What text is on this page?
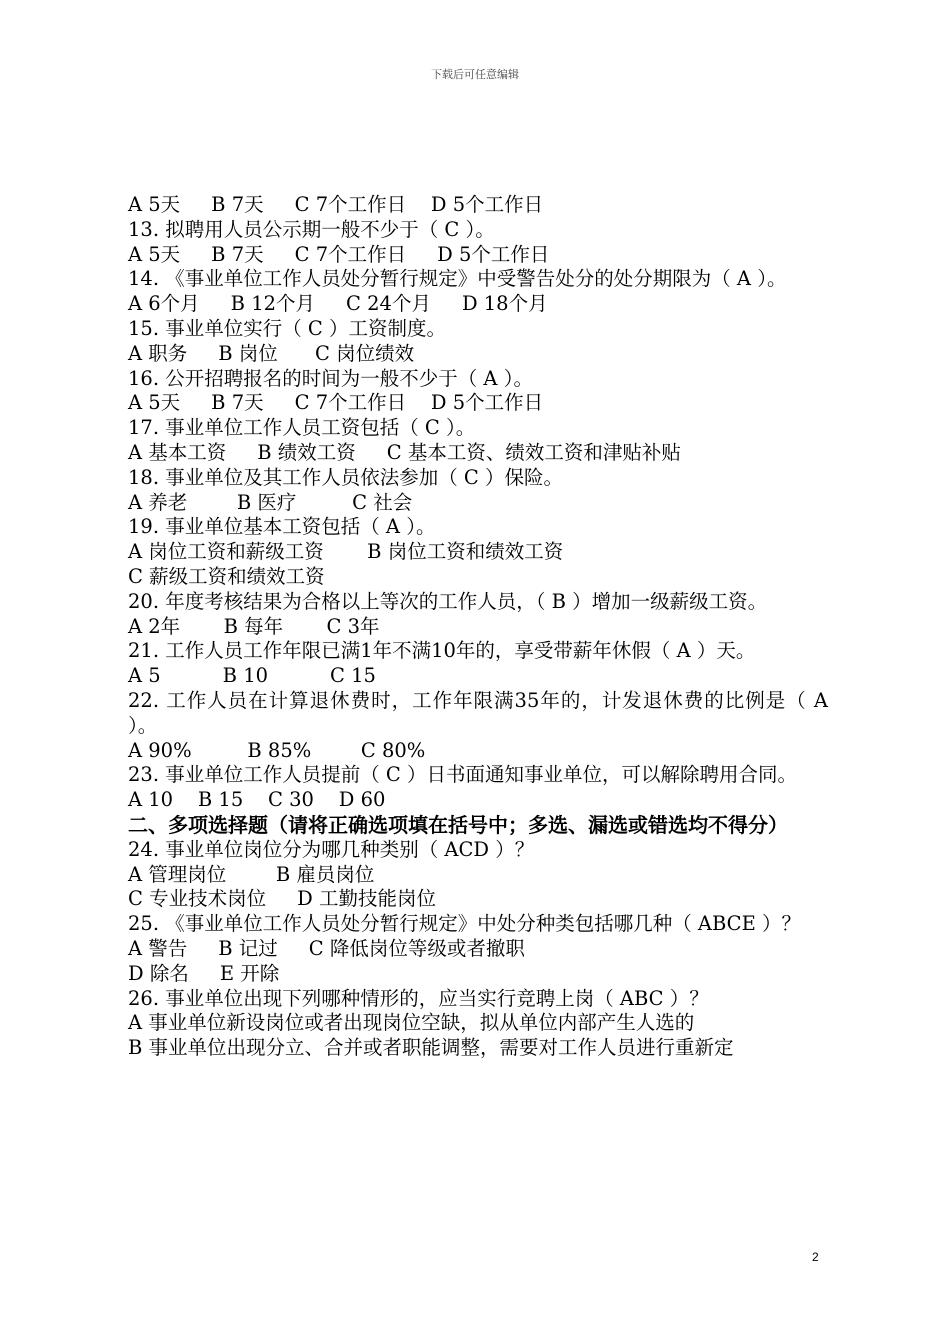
下载后可任意编辑
A 5天     B 7天     C 7个工作日    D 5个工作日
13. 拟聘用人员公示期一般不少于（ C ）。
A 5天     B 7天     C 7个工作日     D 5个工作日
14. 《事业单位工作人员处分暂行规定》中受警告处分的处分期限为（ A ）。
A 6个月     B 12个月     C 24个月     D 18个月
15. 事业单位实行（ C ）工资制度。
A 职务     B 岗位      C 岗位绩效
16. 公开招聘报名的时间为一般不少于（ A ）。
A 5天     B 7天     C 7个工作日    D 5个工作日
17. 事业单位工作人员工资包括（ C ）。
A 基本工资     B 绩效工资     C 基本工资、绩效工资和津贴补贴
18. 事业单位及其工作人员依法参加（ C ）保险。
A 养老        B 医疗         C 社会
19. 事业单位基本工资包括（ A ）。
A 岗位工资和薪级工资       B 岗位工资和绩效工资
C 薪级工资和绩效工资
20. 年度考核结果为合格以上等次的工作人员，（ B ）增加一级薪级工资。
A 2年       B 每年       C 3年
21. 工作人员工作年限已满1年不满10年的，享受带薪年休假（ A ）天。
A 5          B 10          C 15
22. 工作人员在计算退休费时，工作年限满35年的，计发退休费的比例是（ A ）。
A 90%         B 85%        C 80%
23. 事业单位工作人员提前（ C ）日书面通知事业单位，可以解除聘用合同。
A 10    B 15    C 30    D 60
二、多项选择题（请将正确选项填在括号中；多选、漏选或错选均不得分）
24. 事业单位岗位分为哪几种类别（ ACD ）？
A 管理岗位        B 雇员岗位
C 专业技术岗位     D 工勤技能岗位
25. 《事业单位工作人员处分暂行规定》中处分种类包括哪几种（ ABCE ）？
A 警告     B 记过     C 降低岗位等级或者撤职
D 除名     E 开除
26. 事业单位出现下列哪种情形的，应当实行竞聘上岗（ ABC ）？
A 事业单位新设岗位或者出现岗位空缺，拟从单位内部产生人选的
B 事业单位出现分立、合并或者职能调整，需要对工作人员进行重新定
2
